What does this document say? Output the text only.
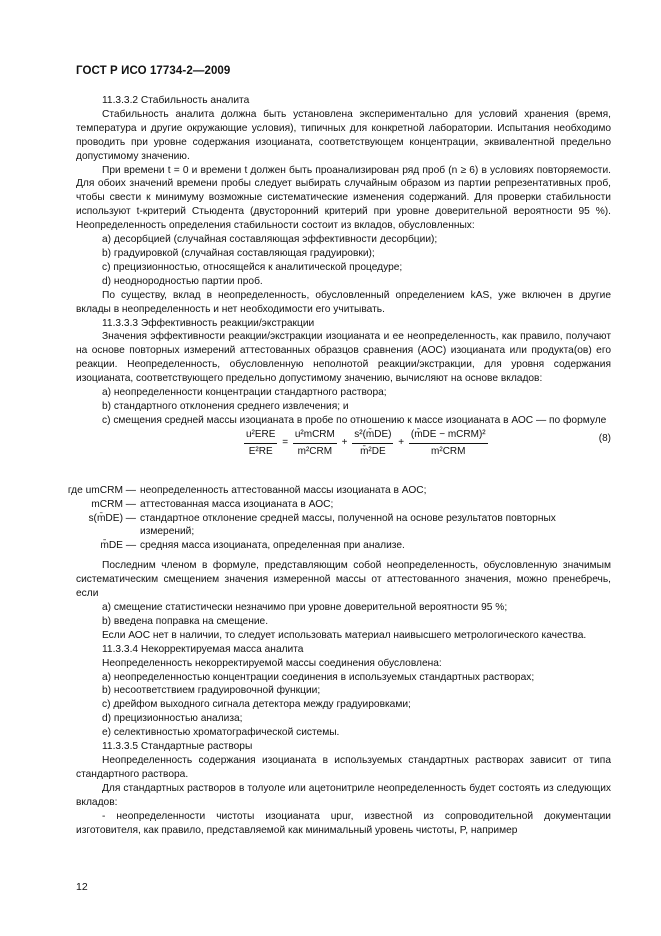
ГОСТ Р ИСО 17734-2—2009

11.3.3.2 Стабильность аналита

Стабильность аналита должна быть установлена экспериментально для условий хранения (время, температура и другие окружающие условия), типичных для конкретной лаборатории. Испытания необходимо проводить при уровне содержания изоцианата, соответствующем концентрации, эквивалентной предельно допустимому значению.

При времени t = 0 и времени t должен быть проанализирован ряд проб (n ≥ 6) в условиях повторяемости. Для обоих значений времени пробы следует выбирать случайным образом из партии репрезентативных проб, чтобы свести к минимуму возможные систематические изменения содержаний. Для проверки стабильности используют t-критерий Стьюдента (двусторонний критерий при уровне доверительной вероятности 95 %). Неопределенность определения стабильности состоит из вкладов, обусловленных:

a) десорбцией (случайная составляющая эффективности десорбции);

b) градуировкой (случайная составляющая градуировки);

c) прецизионностью, относящейся к аналитической процедуре;

d) неоднородностью партии проб.

По существу, вклад в неопределенность, обусловленный определением kAS, уже включен в другие вклады в неопределенность и нет необходимости его учитывать.

11.3.3.3 Эффективность реакции/экстракции

Значения эффективности реакции/экстракции изоцианата и ее неопределенность, как правило, получают на основе повторных измерений аттестованных образцов сравнения (АОС) изоцианата или продукта(ов) его реакции. Неопределенность, обусловленную неполнотой реакции/экстракции, для уровня содержания изоцианата, соответствующего предельно допустимому значению, вычисляют на основе вкладов:

a) неопределенности концентрации стандартного раствора;

b) стандартного отклонения среднего извлечения; и

c) смещения средней массы изоцианата в пробе по отношению к массе изоцианата в АОС — по формуле

$\frac{\text{u²ERE}}{\text{E²RE}} = \frac{\text{u²mCRM}}{\text{m²CRM}} + \frac{\text{s²(m̄DE)}}{\text{m̄²DE}} + \frac{\text{(m̄DE − mCRM)²}}{\text{m²CRM}}$	(8)
где umCRM — неопределенность аттестованной массы изоцианата в АОС;
mCRM — аттестованная масса изоцианата в АОС;
s(m̄DE) — стандартное отклонение средней массы, полученной на основе результатов повторных измерений;
m̄DE — средняя масса изоцианата, определенная при анализе.

Последним членом в формуле, представляющим собой неопределенность, обусловленную значимым систематическим смещением значения измеренной массы от аттестованного значения, можно пренебречь, если

a) смещение статистически незначимо при уровне доверительной вероятности 95 %;

b) введена поправка на смещение.

Если АОС нет в наличии, то следует использовать материал наивысшего метрологического качества.

11.3.3.4 Некорректируемая масса аналита

Неопределенность некорректируемой массы соединения обусловлена:

a) неопределенностью концентрации соединения в используемых стандартных растворах;

b) несоответствием градуировочной функции;

c) дрейфом выходного сигнала детектора между градуировками;

d) прецизионностью анализа;

e) селективностью хроматографической системы.

11.3.3.5 Стандартные растворы

Неопределенность содержания изоцианата в используемых стандартных растворах зависит от типа стандартного раствора.

Для стандартных растворов в толуоле или ацетонитриле неопределенность будет состоять из следующих вкладов:

- неопределенности чистоты изоцианата upur, известной из сопроводительной документации изготовителя, как правило, представляемой как минимальный уровень чистоты, P, например

12
